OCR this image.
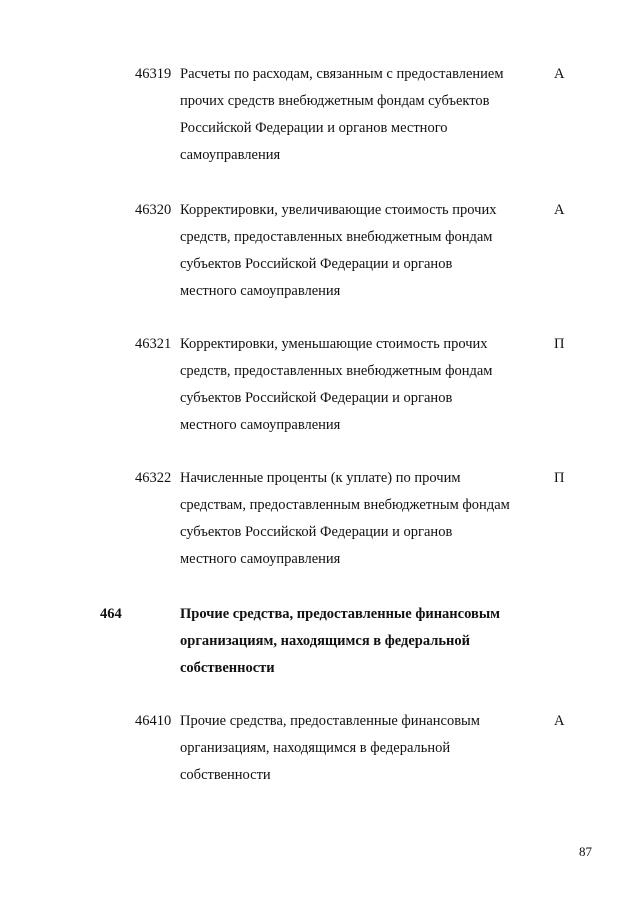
46319 Расчеты по расходам, связанным с предоставлением
прочих средств внебюджетным фондам субъектов
Российской Федерации и органов местного
самоуправления
А
46320 Корректировки, увеличивающие стоимость прочих
средств, предоставленных внебюджетным фондам
субъектов Российской Федерации и органов
местного самоуправления
А
46321 Корректировки, уменьшающие стоимость прочих
средств, предоставленных внебюджетным фондам
субъектов Российской Федерации и органов
местного самоуправления
П
46322 Начисленные проценты (к уплате) по прочим
средствам, предоставленным внебюджетным фондам
субъектов Российской Федерации и органов
местного самоуправления
П
464	Прочие средства, предоставленные финансовым
организациям, находящимся в федеральной
собственности
46410 Прочие средства, предоставленные финансовым
организациям, находящимся в федеральной
собственности
А
87
